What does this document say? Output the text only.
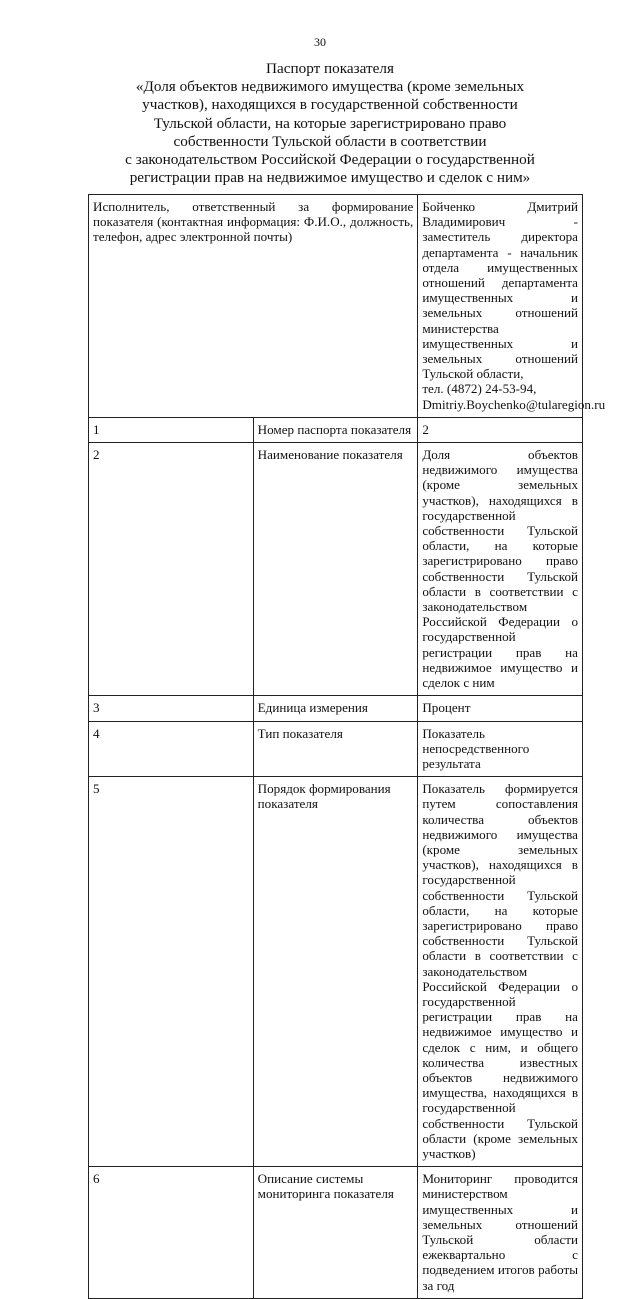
30
Паспорт показателя
«Доля объектов недвижимого имущества (кроме земельных
участков), находящихся в государственной собственности
Тульской области, на которые зарегистрировано право
собственности Тульской области в соответствии
с законодательством Российской Федерации о государственной
регистрации прав на недвижимое имущество и сделок с ним»
Исполнитель, ответственный за формирование показателя (контактная информация: Ф.И.О., должность, телефон, адрес электронной почты)		Бойченко Дмитрий Владимирович - заместитель директора департамента - начальник отдела имущественных отношений департамента имущественных и земельных отношений министерства имущественных и земельных отношений Тульской области,
тел. (4872) 24-53-94,
Dmitriy.Boychenko@tularegion.ru

1	Номер паспорта показателя	2
2	Наименование показателя	Доля объектов недвижимого имущества (кроме земельных участков), находящихся в государственной собственности Тульской области, на которые зарегистрировано право собственности Тульской области в соответствии с законодательством Российской Федерации о государственной регистрации прав на недвижимое имущество и сделок с ним
3	Единица измерения	Процент
4	Тип показателя	Показатель непосредственного результата
5	Порядок формирования показателя	Показатель формируется путем сопоставления количества объектов недвижимого имущества (кроме земельных участков), находящихся в государственной собственности Тульской области, на которые зарегистрировано право собственности Тульской области в соответствии с законодательством Российской Федерации о государственной регистрации прав на недвижимое имущество и сделок с ним, и общего количества известных объектов недвижимого имущества, находящихся в государственной собственности Тульской области (кроме земельных участков)
6	Описание системы мониторинга показателя	Мониторинг проводится министерством имущественных и земельных отношений Тульской области ежеквартально с подведением итогов работы за год
